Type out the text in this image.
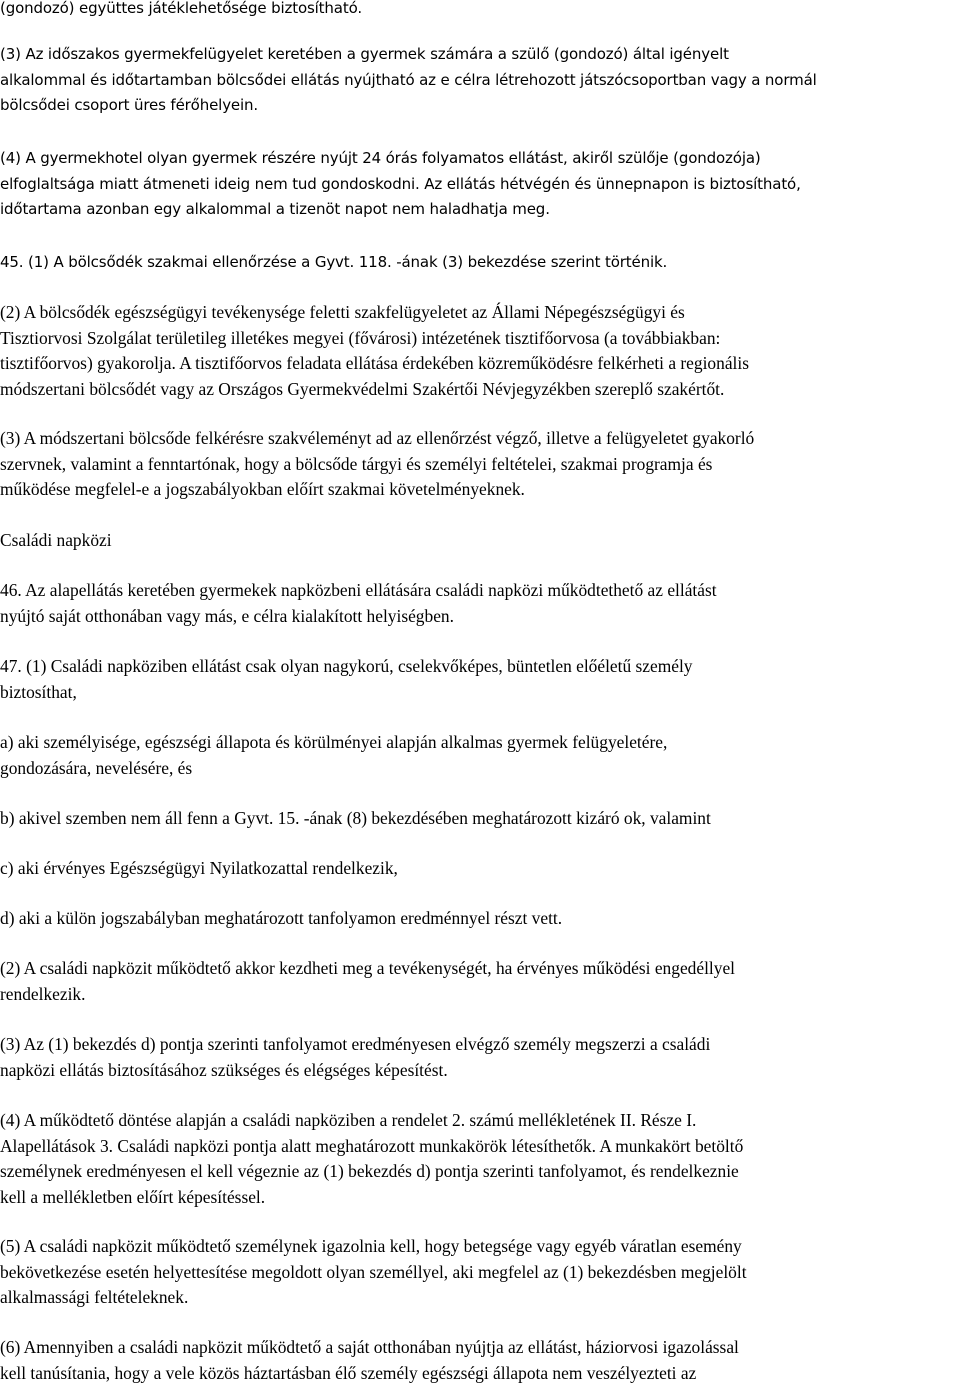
(gondozó) együttes játéklehetősége biztosítható.
(3) Az időszakos gyermekfelügyelet keretében a gyermek számára a szülő (gondozó) által igényelt
alkalommal és időtartamban bölcsődei ellátás nyújtható az e célra létrehozott játszócsoportban vagy a normál
bölcsődei csoport üres férőhelyein.
(4) A gyermekhotel olyan gyermek részére nyújt 24 órás folyamatos ellátást, akiről szülője (gondozója)
elfoglaltsága miatt átmeneti ideig nem tud gondoskodni. Az ellátás hétvégén és ünnepnapon is biztosítható,
időtartama azonban egy alkalommal a tizenöt napot nem haladhatja meg.
45. (1) A bölcsődék szakmai ellenőrzése a Gyvt. 118. -ának (3) bekezdése szerint történik.
(2) A bölcsődék egészségügyi tevékenysége feletti szakfelügyeletet az Állami Népegészségügyi és
Tisztiorvosi Szolgálat területileg illetékes megyei (fővárosi) intézetének tisztifőorvosa (a továbbiakban:
tisztifőorvos) gyakorolja. A tisztifőorvos feladata ellátása érdekében közreműködésre felkérheti a regionális
módszertani bölcsődét vagy az Országos Gyermekvédelmi Szakértői Névjegyzékben szereplő szakértőt.
(3) A módszertani bölcsőde felkérésre szakvéleményt ad az ellenőrzést végző, illetve a felügyeletet gyakorló
szervnek, valamint a fenntartónak, hogy a bölcsőde tárgyi és személyi feltételei, szakmai programja és
működése megfelel-e a jogszabályokban előírt szakmai követelményeknek.
Családi napközi
46. Az alapellátás keretében gyermekek napközbeni ellátására családi napközi működtethető az ellátást
nyújtó saját otthonában vagy más, e célra kialakított helyiségben.
47. (1) Családi napköziben ellátást csak olyan nagykorú, cselekvőképes, büntetlen előéletű személy
biztosíthat,
a) aki személyisége, egészségi állapota és körülményei alapján alkalmas gyermek felügyeletére,
gondozására, nevelésére, és
b) akivel szemben nem áll fenn a Gyvt. 15. -ának (8) bekezdésében meghatározott kizáró ok, valamint
c) aki érvényes Egészségügyi Nyilatkozattal rendelkezik,
d) aki a külön jogszabályban meghatározott tanfolyamon eredménnyel részt vett.
(2) A családi napközit működtető akkor kezdheti meg a tevékenységét, ha érvényes működési engedéllyel
rendelkezik.
(3) Az (1) bekezdés d) pontja szerinti tanfolyamot eredményesen elvégző személy megszerzi a családi
napközi ellátás biztosításához szükséges és elégséges képesítést.
(4) A működtető döntése alapján a családi napköziben a rendelet 2. számú mellékletének II. Része I.
Alapellátások 3. Családi napközi pontja alatt meghatározott munkakörök létesíthetők. A munkakört betöltő
személynek eredményesen el kell végeznie az (1) bekezdés d) pontja szerinti tanfolyamot, és rendelkeznie
kell a mellékletben előírt képesítéssel.
(5) A családi napközit működtető személynek igazolnia kell, hogy betegsége vagy egyéb váratlan esemény
bekövetkezése esetén helyettesítése megoldott olyan személlyel, aki megfelel az (1) bekezdésben megjelölt
alkalmassági feltételeknek.
(6) Amennyiben a családi napközit működtető a saját otthonában nyújtja az ellátást, háziorvosi igazolással
kell tanúsítania, hogy a vele közös háztartásban élő személy egészségi állapota nem veszélyezteti az
